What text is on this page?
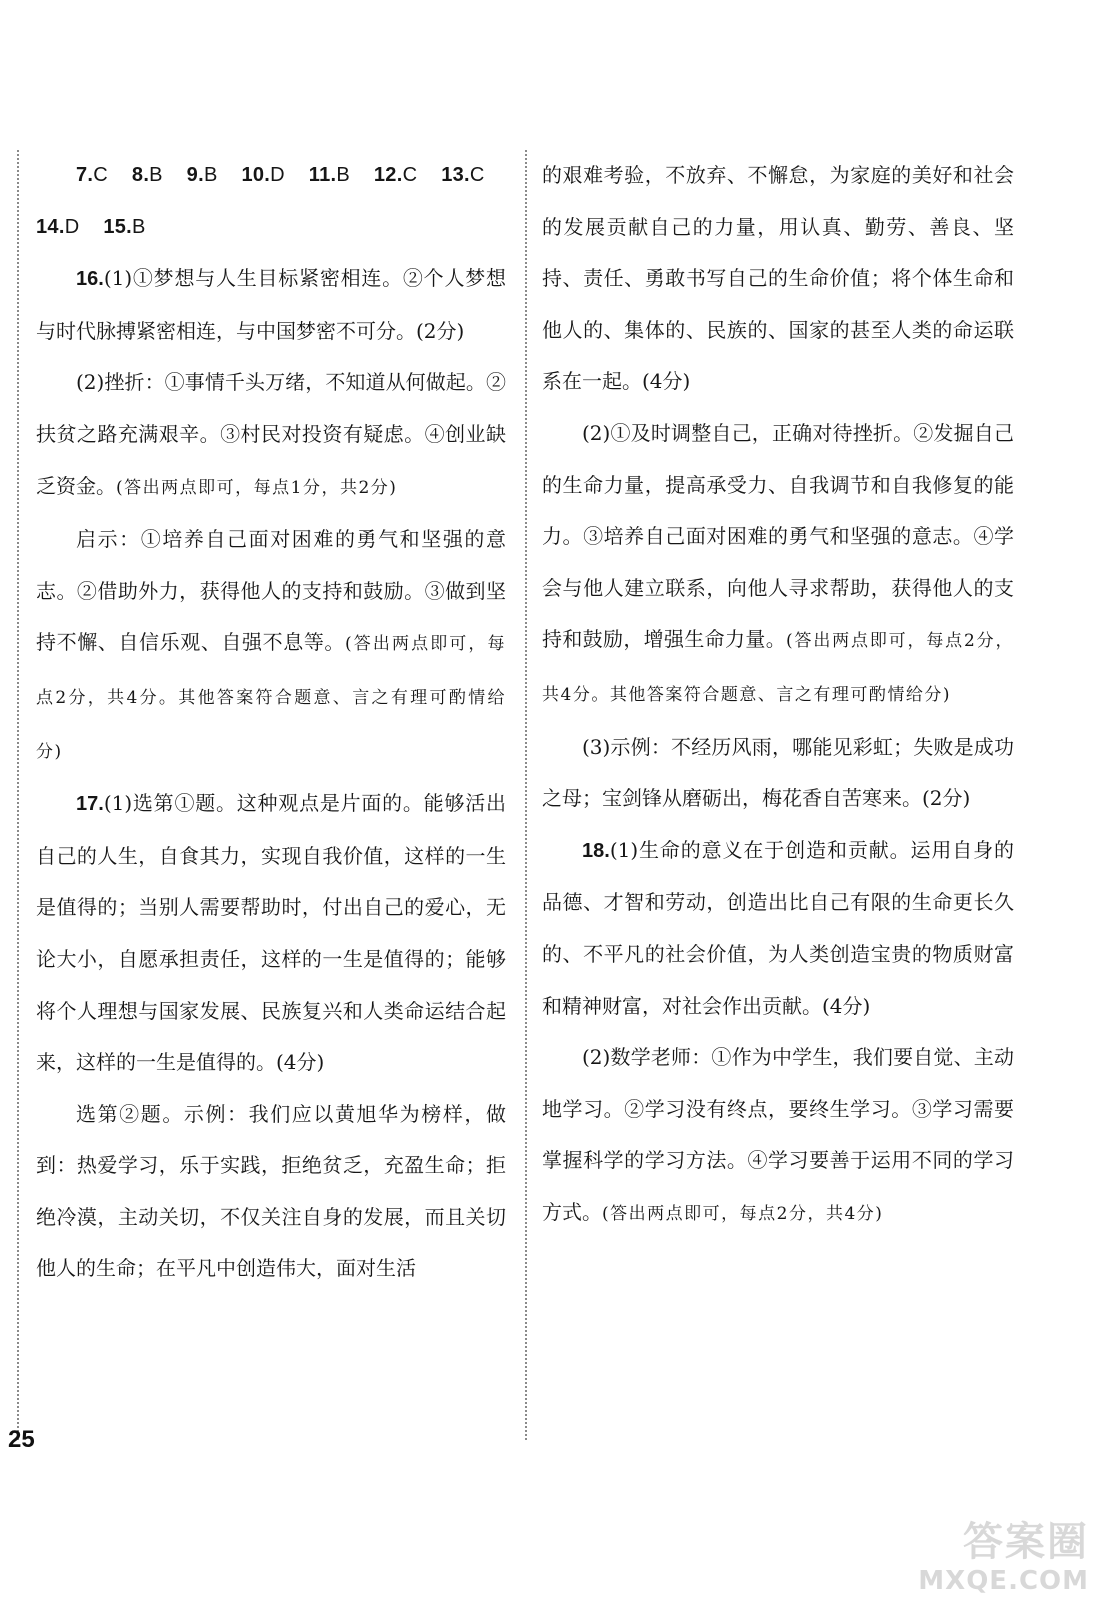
7.C 8.B 9.B 10.D 11.B 12.C 13.C

14.D 15.B

16.(1)①梦想与人生目标紧密相连。②个人梦想与时代脉搏紧密相连，与中国梦密不可分。(2分)

(2)挫折：①事情千头万绪，不知道从何做起。②扶贫之路充满艰辛。③村民对投资有疑虑。④创业缺乏资金。(答出两点即可，每点1分，共2分)

启示：①培养自己面对困难的勇气和坚强的意志。②借助外力，获得他人的支持和鼓励。③做到坚持不懈、自信乐观、自强不息等。(答出两点即可，每点2分，共4分。其他答案符合题意、言之有理可酌情给分)

17.(1)选第①题。这种观点是片面的。能够活出自己的人生，自食其力，实现自我价值，这样的一生是值得的；当别人需要帮助时，付出自己的爱心，无论大小，自愿承担责任，这样的一生是值得的；能够将个人理想与国家发展、民族复兴和人类命运结合起来，这样的一生是值得的。(4分)

选第②题。示例：我们应以黄旭华为榜样，做到：热爱学习，乐于实践，拒绝贫乏，充盈生命；拒绝冷漠，主动关切，不仅关注自身的发展，而且关切他人的生命；在平凡中创造伟大，面对生活

的艰难考验，不放弃、不懈怠，为家庭的美好和社会的发展贡献自己的力量，用认真、勤劳、善良、坚持、责任、勇敢书写自己的生命价值；将个体生命和他人的、集体的、民族的、国家的甚至人类的命运联系在一起。(4分)

(2)①及时调整自己，正确对待挫折。②发掘自己的生命力量，提高承受力、自我调节和自我修复的能力。③培养自己面对困难的勇气和坚强的意志。④学会与他人建立联系，向他人寻求帮助，获得他人的支持和鼓励，增强生命力量。(答出两点即可，每点2分，共4分。其他答案符合题意、言之有理可酌情给分)

(3)示例：不经历风雨，哪能见彩虹；失败是成功之母；宝剑锋从磨砺出，梅花香自苦寒来。(2分)

18.(1)生命的意义在于创造和贡献。运用自身的品德、才智和劳动，创造出比自己有限的生命更长久的、不平凡的社会价值，为人类创造宝贵的物质财富和精神财富，对社会作出贡献。(4分)

(2)数学老师：①作为中学生，我们要自觉、主动地学习。②学习没有终点，要终生学习。③学习需要掌握科学的学习方法。④学习要善于运用不同的学习方式。(答出两点即可，每点2分，共4分)

25
答案圈
MXQE.COM
